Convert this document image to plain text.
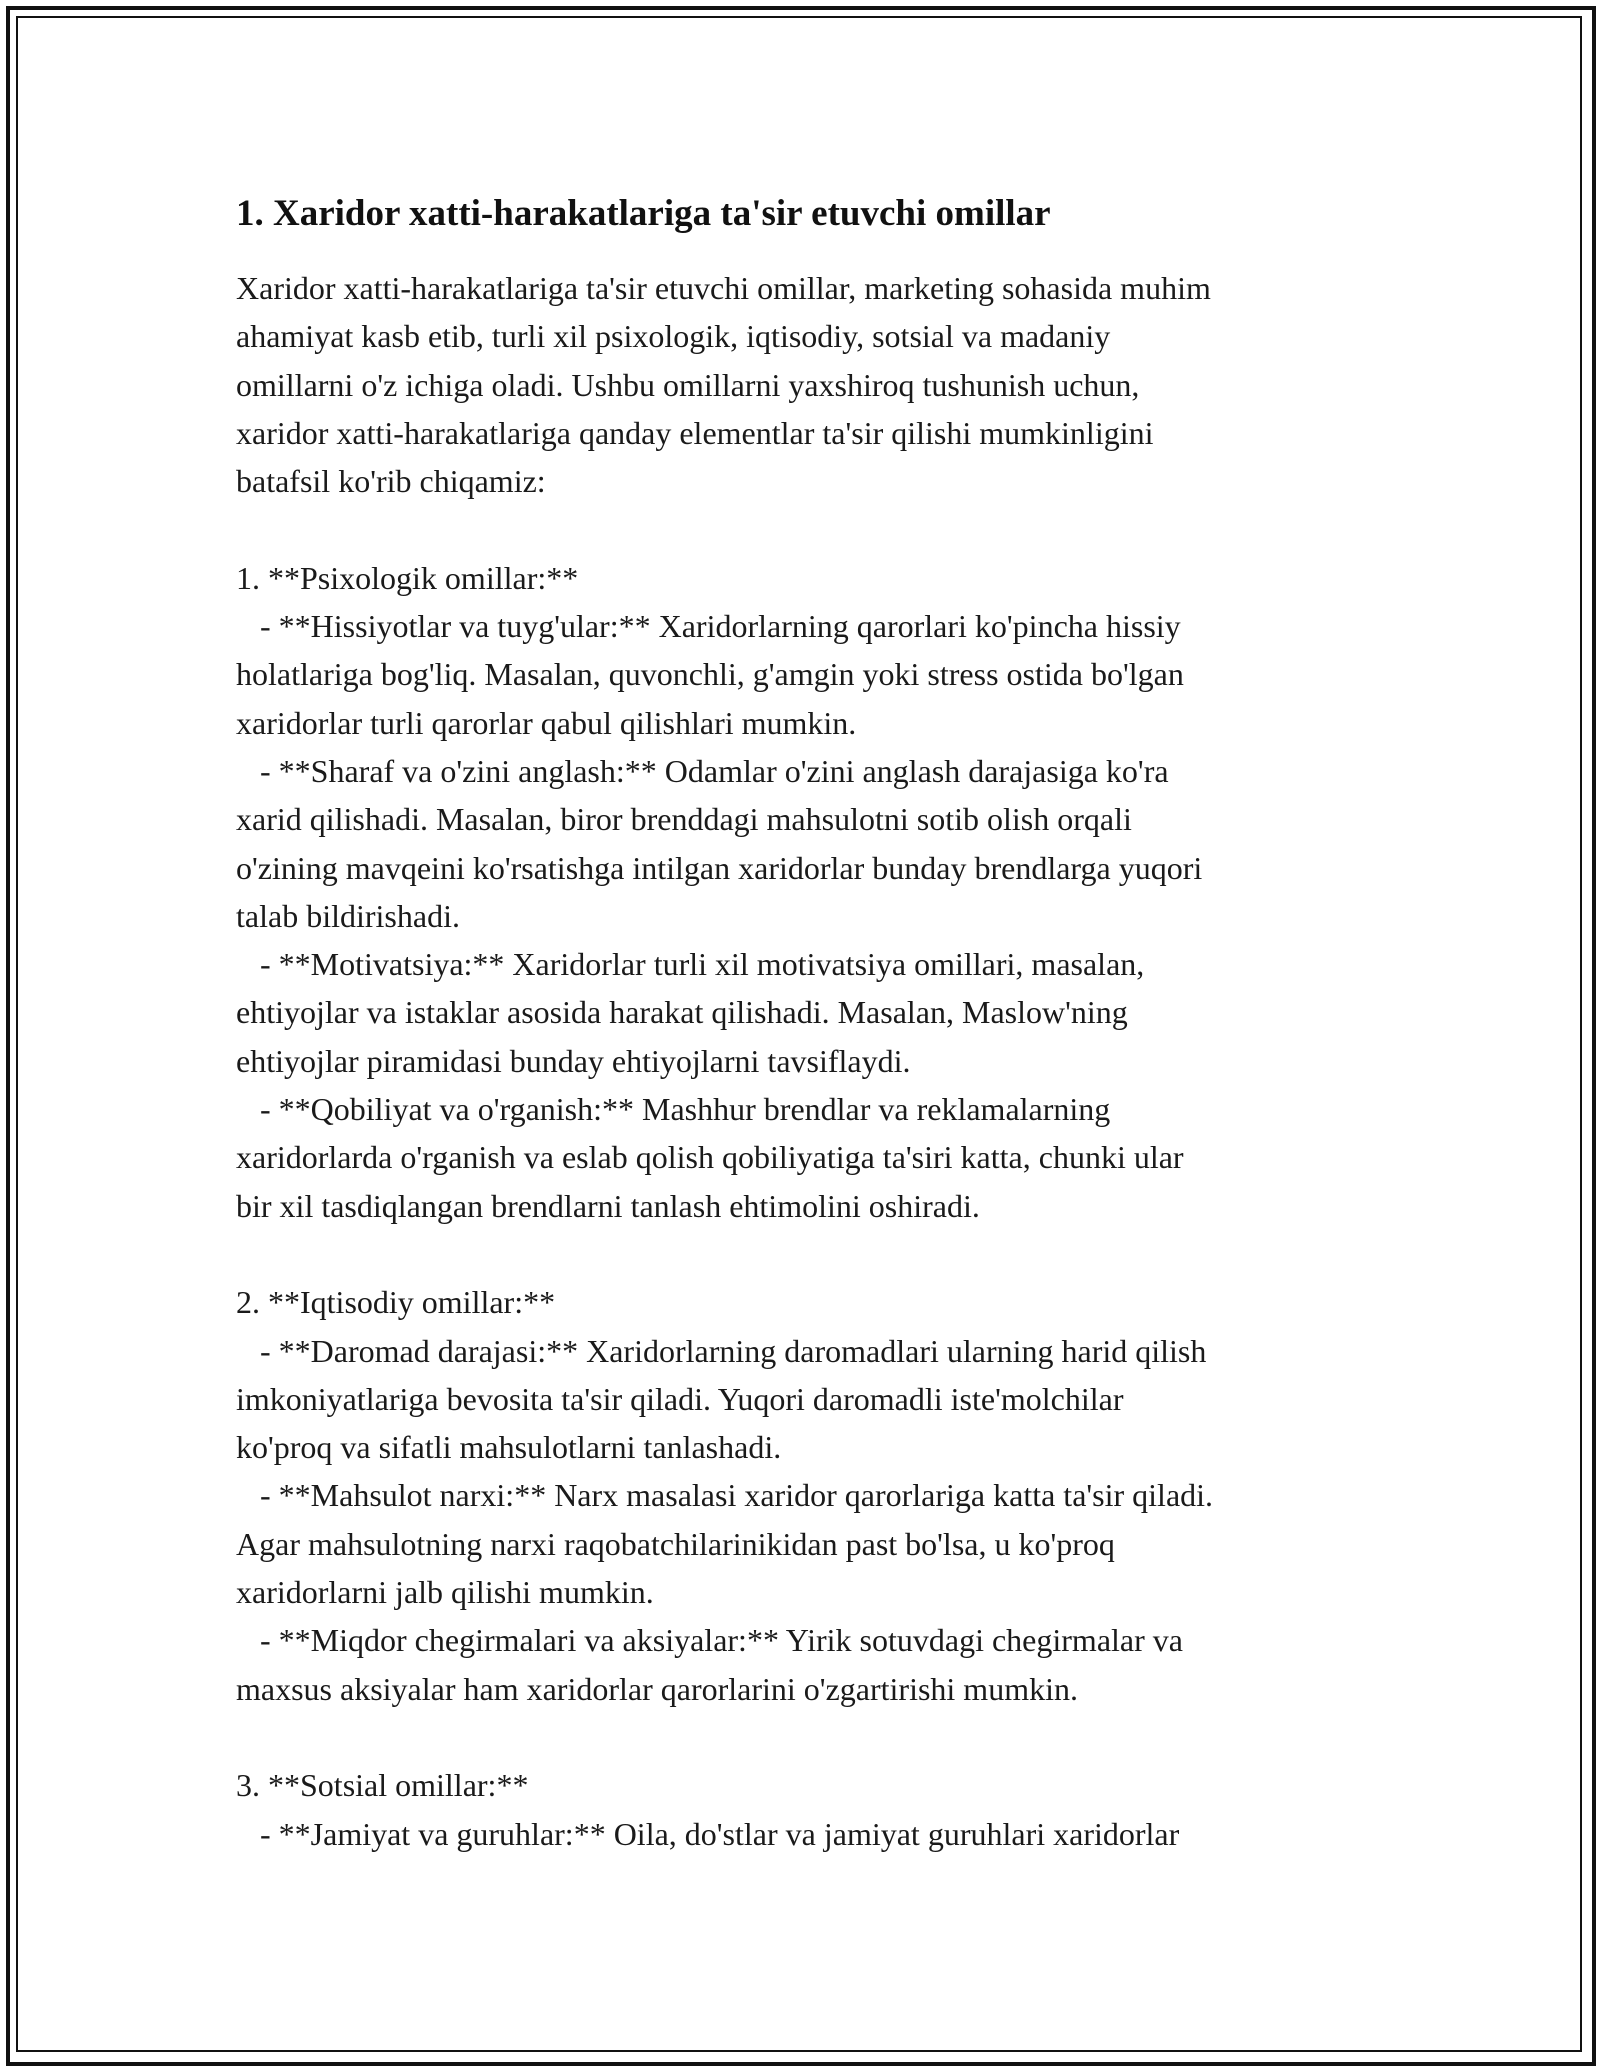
1. Xaridor xatti-harakatlariga ta'sir etuvchi omillar
Xaridor xatti-harakatlariga ta'sir etuvchi omillar, marketing sohasida muhim
ahamiyat kasb etib, turli xil psixologik, iqtisodiy, sotsial va madaniy
omillarni o'z ichiga oladi. Ushbu omillarni yaxshiroq tushunish uchun,
xaridor xatti-harakatlariga qanday elementlar ta'sir qilishi mumkinligini
batafsil ko'rib chiqamiz:
1. **Psixologik omillar:**
- **Hissiyotlar va tuyg'ular:** Xaridorlarning qarorlari ko'pincha hissiy
holatlariga bog'liq. Masalan, quvonchli, g'amgin yoki stress ostida bo'lgan
xaridorlar turli qarorlar qabul qilishlari mumkin.
- **Sharaf va o'zini anglash:** Odamlar o'zini anglash darajasiga ko'ra
xarid qilishadi. Masalan, biror brenddagi mahsulotni sotib olish orqali
o'zining mavqeini ko'rsatishga intilgan xaridorlar bunday brendlarga yuqori
talab bildirishadi.
- **Motivatsiya:** Xaridorlar turli xil motivatsiya omillari, masalan,
ehtiyojlar va istaklar asosida harakat qilishadi. Masalan, Maslow'ning
ehtiyojlar piramidasi bunday ehtiyojlarni tavsiflaydi.
- **Qobiliyat va o'rganish:** Mashhur brendlar va reklamalarning
xaridorlarda o'rganish va eslab qolish qobiliyatiga ta'siri katta, chunki ular
bir xil tasdiqlangan brendlarni tanlash ehtimolini oshiradi.
2. **Iqtisodiy omillar:**
- **Daromad darajasi:** Xaridorlarning daromadlari ularning harid qilish
imkoniyatlariga bevosita ta'sir qiladi. Yuqori daromadli iste'molchilar
ko'proq va sifatli mahsulotlarni tanlashadi.
- **Mahsulot narxi:** Narx masalasi xaridor qarorlariga katta ta'sir qiladi.
Agar mahsulotning narxi raqobatchilarinikidan past bo'lsa, u ko'proq
xaridorlarni jalb qilishi mumkin.
- **Miqdor chegirmalari va aksiyalar:** Yirik sotuvdagi chegirmalar va
maxsus aksiyalar ham xaridorlar qarorlarini o'zgartirishi mumkin.
3. **Sotsial omillar:**
- **Jamiyat va guruhlar:** Oila, do'stlar va jamiyat guruhlari xaridorlar
